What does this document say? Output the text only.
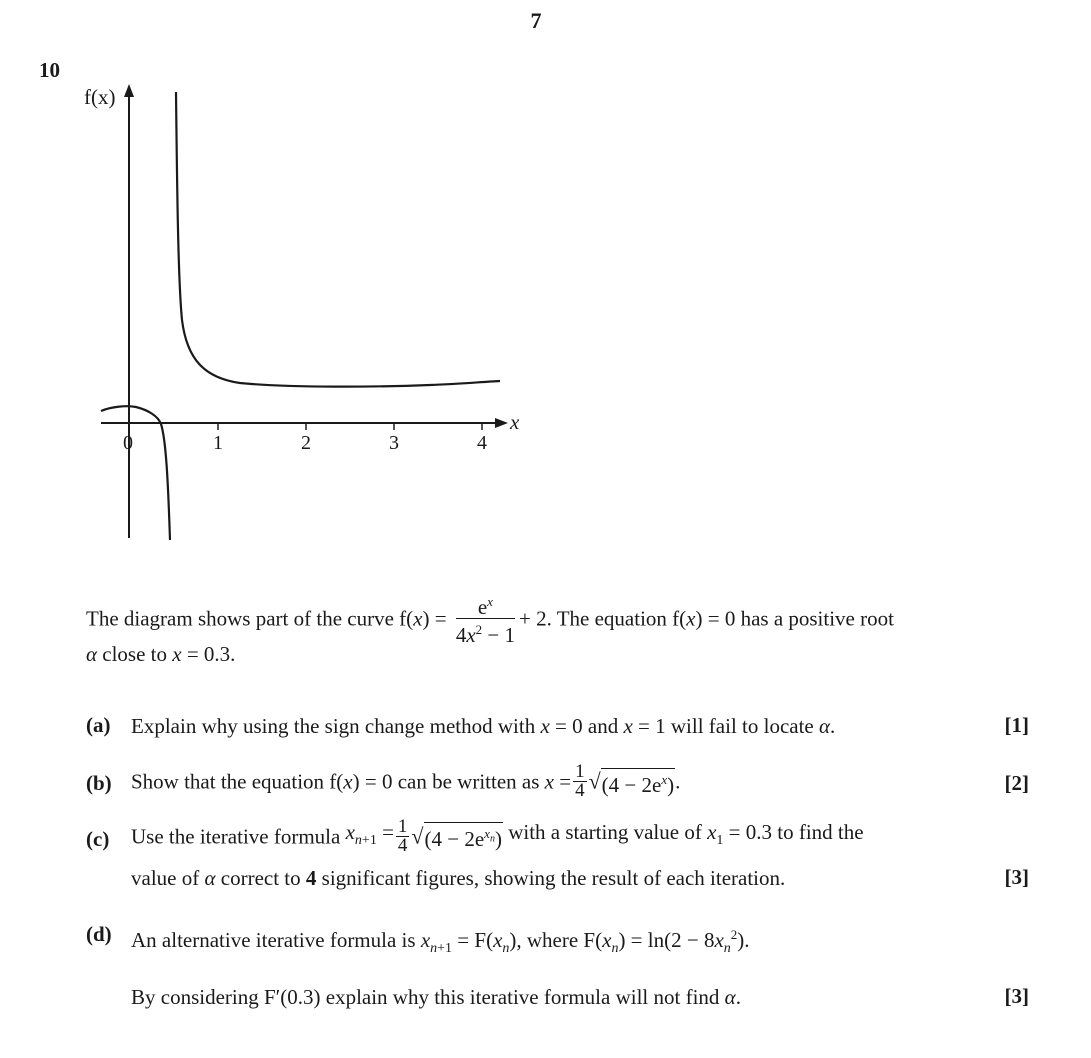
7
10
0	1	2	3	4
f(x)
x
The diagram shows part of the curve $f(x) = \frac{e^x}{4x^2 - 1} + 2$. The equation f(x) = 0 has a positive root
α close to x = 0.3.
(a) Explain why using the sign change method with x = 0 and x = 1 will fail to locate α.	[1]
(b) Show that the equation f(x) = 0 can be written as $x = \frac{1}{4} √(4 - 2e^x)$.	[2]
(c) Use the iterative formula $x_{n+1} = \frac{1}{4} √(4 - 2e^{x_n})$ with a starting value of $x_1 = 0.3$ to find the
value of α correct to 4 significant figures, showing the result of each iteration.	[3]
(d) An alternative iterative formula is $x_{n+1} = F(x_n)$, where $F(x_n) = \ln(2 - 8x_n^2)$.
By considering F′(0.3) explain why this iterative formula will not find α.	[3]
